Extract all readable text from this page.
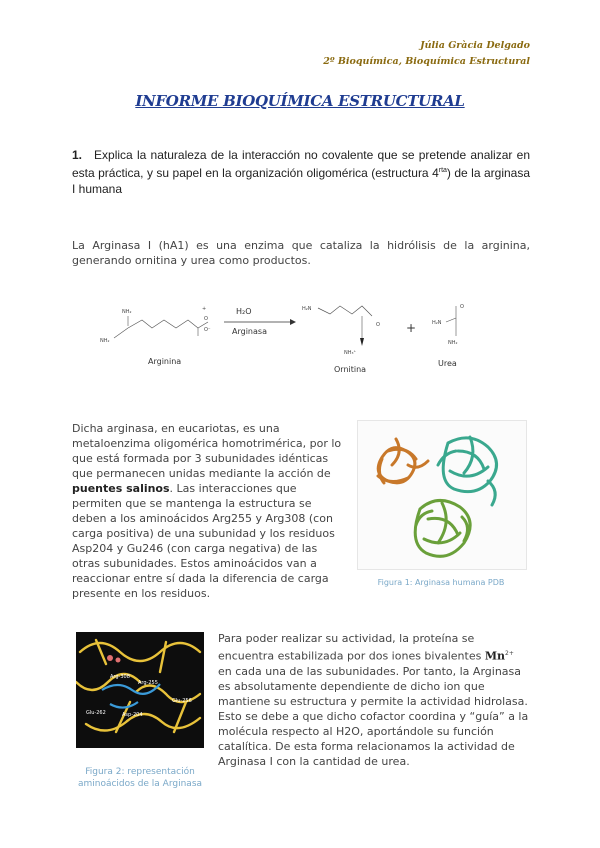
Júlia Gràcia Delgado
2º Bioquímica, Bioquímica Estructural
INFORME BIOQUÍMICA ESTRUCTURAL
1. Explica la naturaleza de la interacción no covalente que se pretende analizar en esta práctica, y su papel en la organización oligomérica (estructura $4^{rta}$) de la arginasa I humana

La Arginasa I (hA1) es una enzima que cataliza la hidrólisis de la arginina, generando ornitina y urea como productos.

NH₂
NH₂
O
O⁻
+
Arginina
H₂O
Arginasa
H₂N
NH₃⁺
O
Ornitina
+	H₂N
O
NH₂
Urea

Dicha arginasa, en eucariotas, es una metaloenzima oligomérica homotrimérica, por lo que está formada por 3 subunidades idénticas que permanecen unidas mediante la acción de puentes salinos. Las interacciones que permiten que se mantenga la estructura se deben a los aminoácidos Arg255 y Arg308 (con carga positiva) de una subunidad y los residuos Asp204 y Gu246 (con carga negativa) de las otras subunidades. Estos aminoácidos van a reaccionar entre sí dada la diferencia de carga presente en los residuos.

Figura 1: Arginasa humana PDB
Arg-308
Arg-255
Glu-262	Asp-204
Glu-256
Figura 2: representación
aminoácidos de la Arginasa

Para poder realizar su actividad, la proteína se encuentra estabilizada por dos iones bivalentes $Mn^{2+}$ en cada una de las subunidades. Por tanto, la Arginasa es absolutamente dependiente de dicho ion que mantiene su estructura y permite la actividad hidrolasa. Esto se debe a que dicho cofactor coordina y “guía” a la molécula respecto al H2O, aportándole su función catalítica. De esta forma relacionamos la actividad de Arginasa I con la cantidad de urea.
